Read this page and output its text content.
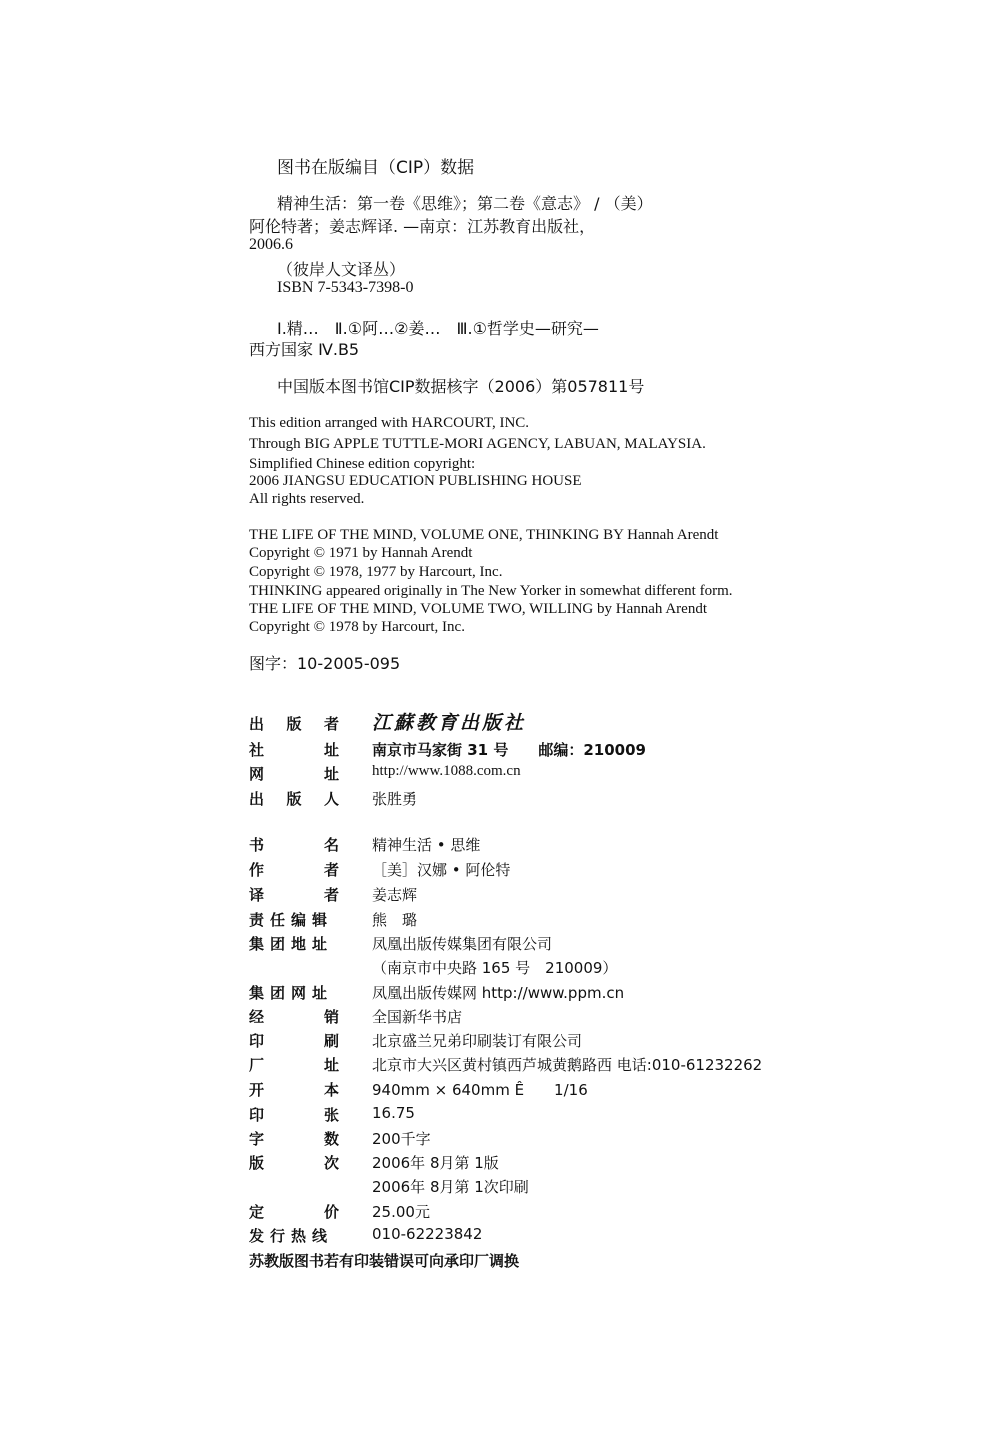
图书在版编目（CIP）数据
精神生活：第一卷《思维》；第二卷《意志》 / （美）
阿伦特著；姜志辉译. —南京：江苏教育出版社，
2006.6
（彼岸人文译丛）
ISBN 7-5343-7398-0
Ⅰ.精…　Ⅱ.①阿…②姜…　Ⅲ.①哲学史—研究—
西方国家 Ⅳ.B5
中国版本图书馆CIP数据核字（2006）第057811号
This edition arranged with HARCOURT, INC.
Through BIG APPLE TUTTLE-MORI AGENCY, LABUAN, MALAYSIA.
Simplified Chinese edition copyright:
2006 JIANGSU EDUCATION PUBLISHING HOUSE
All rights reserved.
THE LIFE OF THE MIND, VOLUME ONE, THINKING BY Hannah Arendt
Copyright © 1971 by Hannah Arendt
Copyright © 1978, 1977 by Harcourt, Inc.
THINKING appeared originally in The New Yorker in somewhat different form.
THE LIFE OF THE MIND, VOLUME TWO, WILLING by Hannah Arendt
Copyright © 1978 by Harcourt, Inc.
图字：10-2005-095
出 版 者 江蘇教育出版社
社	址 南京市马家街 31 号　　邮编：210009
网	址 http://www.1088.com.cn
出 版 人 张胜勇
书	名 精神生活 • 思维
作	者 ［美］汉娜 • 阿伦特
译	者 姜志辉
责 任 编 辑	熊　璐
集 团 地 址	凤凰出版传媒集团有限公司
（南京市中央路 165 号　210009）
集 团 网 址	凤凰出版传媒网 http://www.ppm.cn
经	销 全国新华书店
印	刷 北京盛兰兄弟印刷装订有限公司
厂	址 北京市大兴区黄村镇西芦城黄鹅路西 电话:010-61232262
开	本 940mm × 640mm Ê　　1/16
印	张 16.75
字	数 200千字
版	次 2006年 8月第 1版
2006年 8月第 1次印刷
定	价 25.00元
发 行 热 线	010-62223842
苏教版图书若有印装错误可向承印厂调换
